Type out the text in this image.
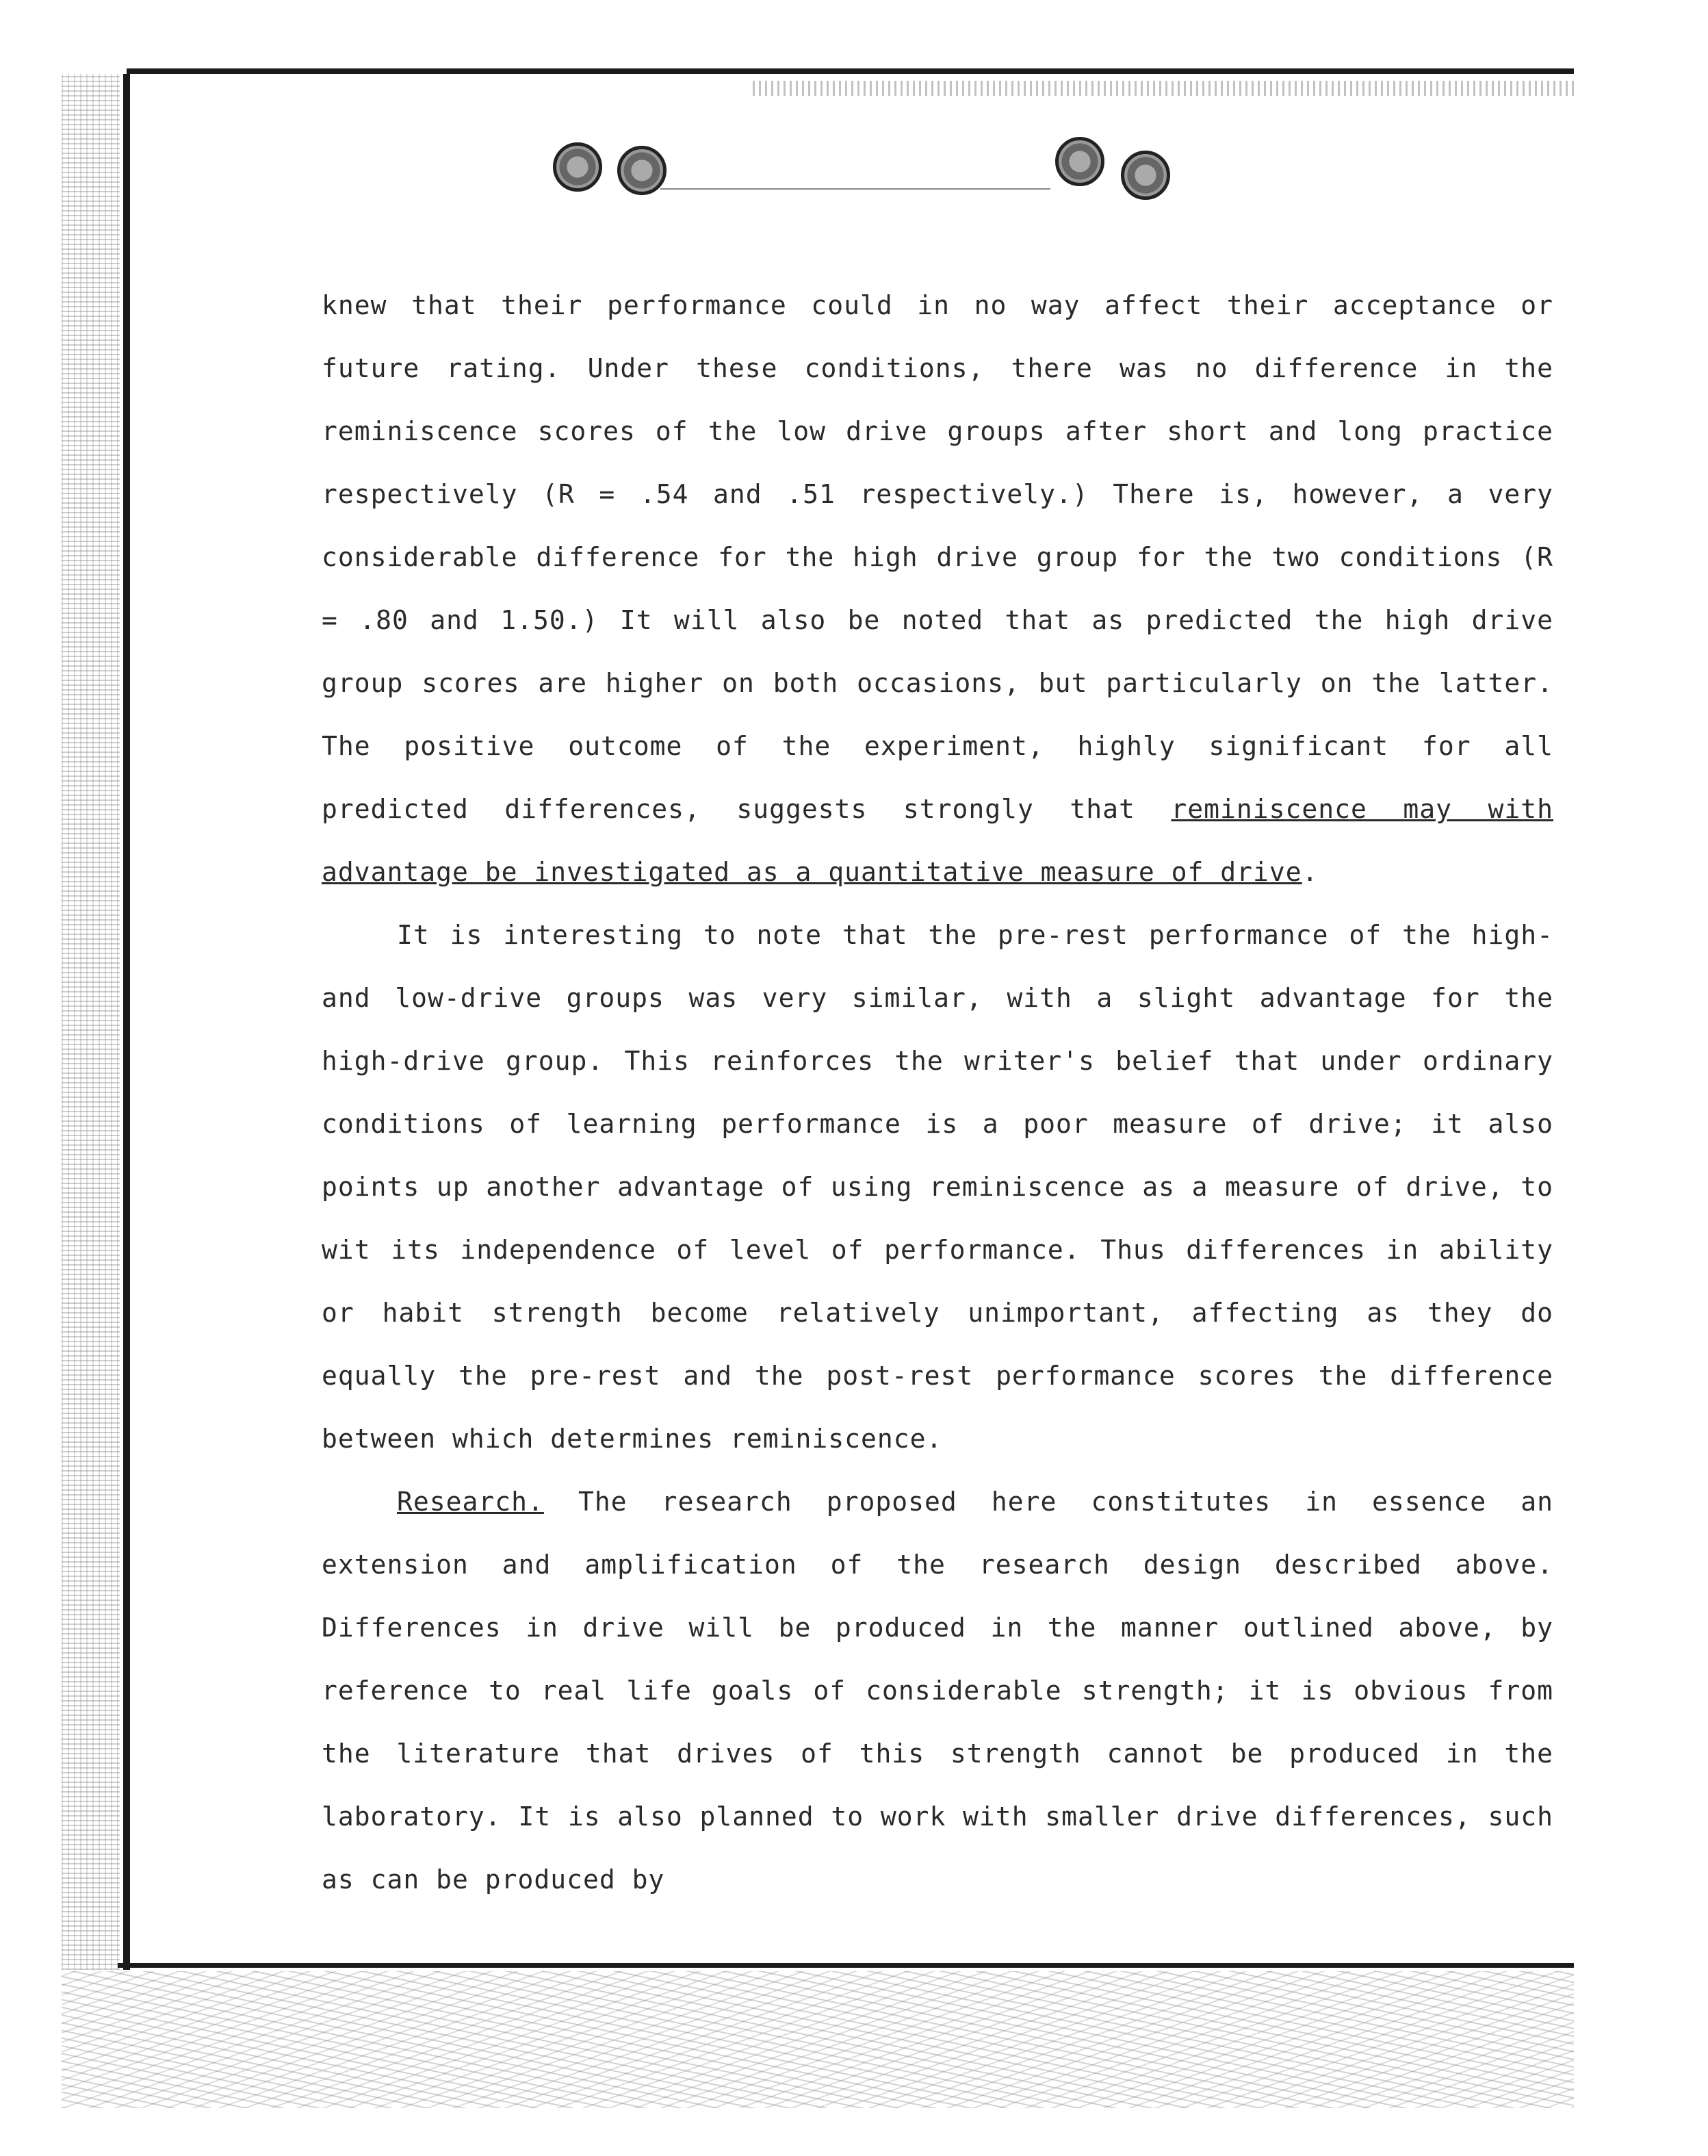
knew that their performance could in no way affect their acceptance or future rating. Under these conditions, there was no difference in the reminiscence scores of the low drive groups after short and long practice respectively (R = .54 and .51 respectively.) There is, however, a very considerable difference for the high drive group for the two conditions (R = .80 and 1.50.) It will also be noted that as predicted the high drive group scores are higher on both occasions, but particularly on the latter. The positive outcome of the experiment, highly significant for all predicted differences, suggests strongly that reminiscence may with advantage be investigated as a quantitative measure of drive.

It is interesting to note that the pre-rest performance of the high- and low-drive groups was very similar, with a slight advantage for the high-drive group. This reinforces the writer's belief that under ordinary conditions of learning performance is a poor measure of drive; it also points up another advantage of using reminiscence as a measure of drive, to wit its independence of level of performance. Thus differences in ability or habit strength become relatively unimportant, affecting as they do equally the pre-rest and the post-rest performance scores the difference between which determines reminiscence.

Research. The research proposed here constitutes in essence an extension and amplification of the research design described above. Differences in drive will be produced in the manner outlined above, by reference to real life goals of considerable strength; it is obvious from the literature that drives of this strength cannot be produced in the laboratory. It is also planned to work with smaller drive differences, such as can be produced by
